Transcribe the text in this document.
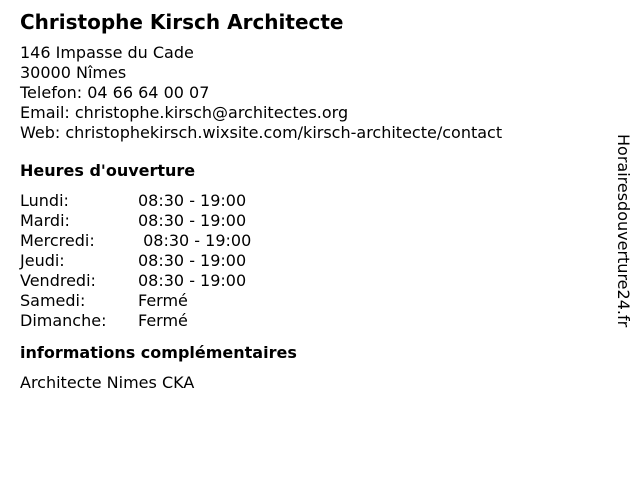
Christophe Kirsch Architecte
146 Impasse du Cade
30000 Nîmes
Telefon: 04 66 64 00 07
Email: christophe.kirsch@architectes.org
Web: christophekirsch.wixsite.com/kirsch-architecte/contact
Heures d'ouverture
Lundi:	08:30 - 19:00
Mardi:	08:30 - 19:00
Mercredi:	08:30 - 19:00
Jeudi:	08:30 - 19:00
Vendredi:	08:30 - 19:00
Samedi:	Fermé
Dimanche:	Fermé
informations complémentaires
Architecte Nimes CKA
Horairesdouverture24.fr
